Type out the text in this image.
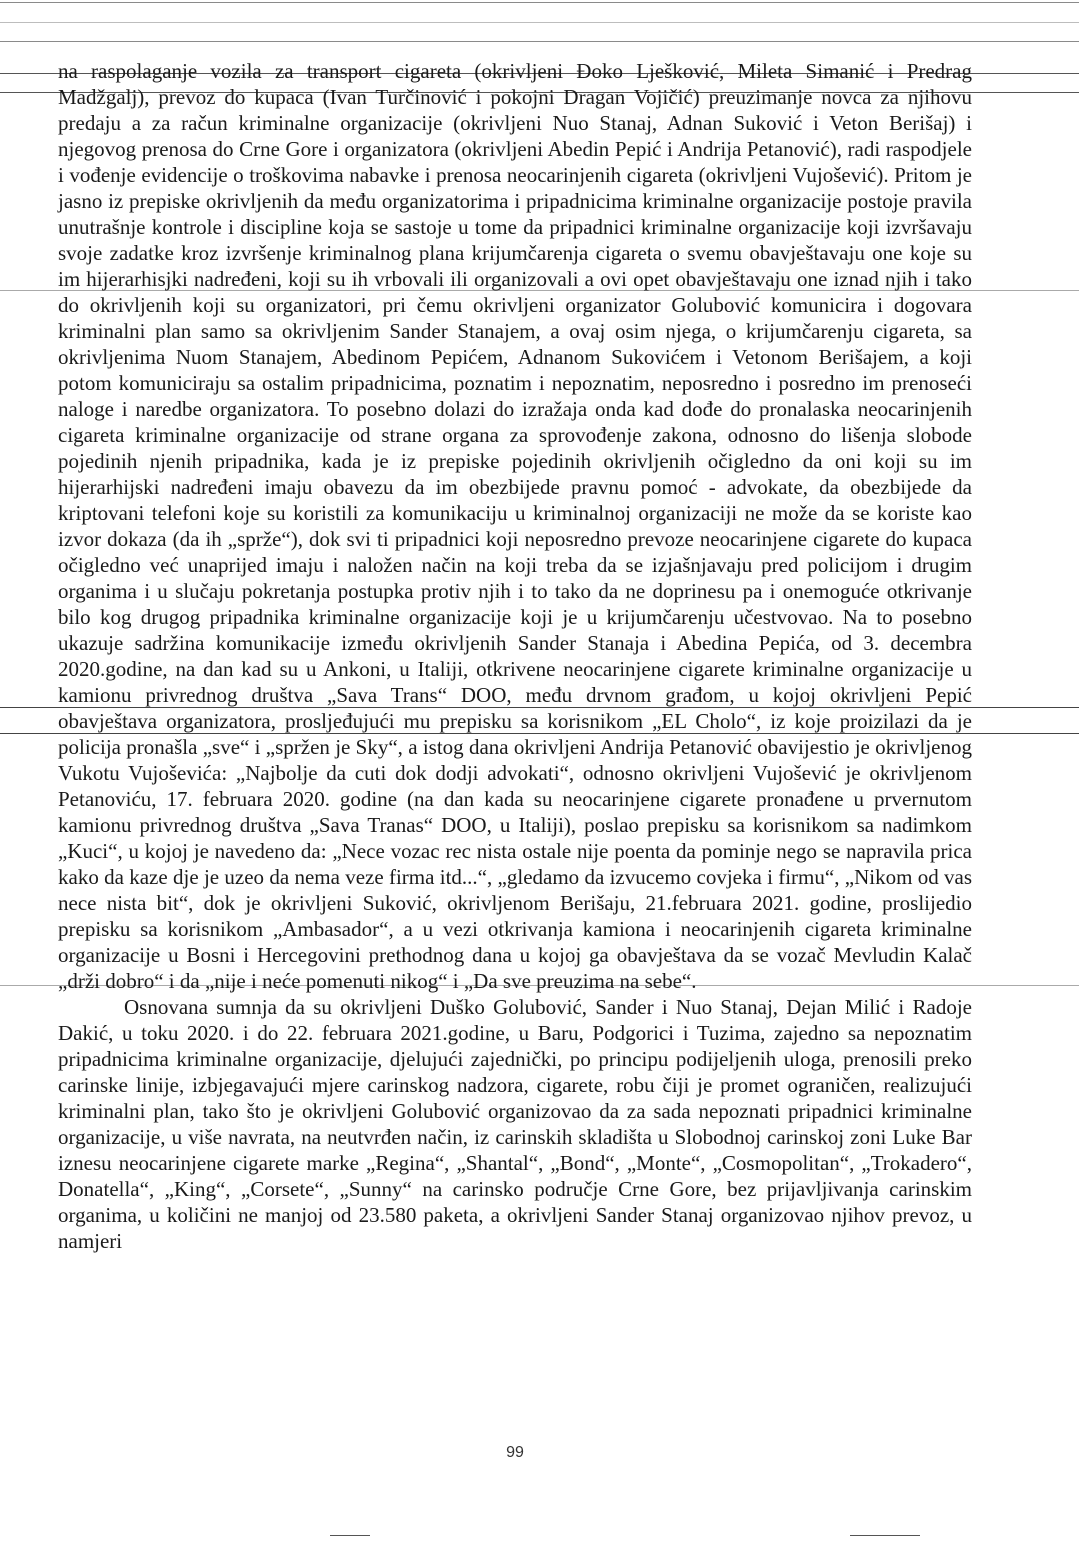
na raspolaganje vozila za transport cigareta (okrivljeni Đoko Lješković, Mileta Simanić i Predrag Madžgalj), prevoz do kupaca (Ivan Turčinović i pokojni Dragan Vojičić) preuzimanje novca za njihovu predaju a za račun kriminalne organizacije (okrivljeni Nuo Stanaj, Adnan Suković i Veton Berišaj) i njegovog prenosa do Crne Gore i organizatora (okrivljeni Abedin Pepić i Andrija Petanović), radi raspodjele i vođenje evidencije o troškovima nabavke i prenosa neocarinjenih cigareta (okrivljeni Vujošević). Pritom je jasno iz prepiske okrivljenih da među organizatorima i pripadnicima kriminalne organizacije postoje pravila unutrašnje kontrole i discipline koja se sastoje u tome da pripadnici kriminalne organizacije koji izvršavaju svoje zadatke kroz izvršenje kriminalnog plana krijumčarenja cigareta o svemu obavještavaju one koje su im hijerarhisjki nadređeni, koji su ih vrbovali ili organizovali a ovi opet obavještavaju one iznad njih i tako do okrivljenih koji su organizatori, pri čemu okrivljeni organizator Golubović komunicira i dogovara kriminalni plan samo sa okrivljenim Sander Stanajem, a ovaj osim njega, o krijumčarenju cigareta, sa okrivljenima Nuom Stanajem, Abedinom Pepićem, Adnanom Sukovićem i Vetonom Berišajem, a koji potom komuniciraju sa ostalim pripadnicima, poznatim i nepoznatim, neposredno i posredno im prenoseći naloge i naredbe organizatora. To posebno dolazi do izražaja onda kad dođe do pronalaska neocarinjenih cigareta kriminalne organizacije od strane organa za sprovođenje zakona, odnosno do lišenja slobode pojedinih njenih pripadnika, kada je iz prepiske pojedinih okrivljenih očigledno da oni koji su im hijerarhijski nadređeni imaju obavezu da im obezbijede pravnu pomoć - advokate, da obezbijede da kriptovani telefoni koje su koristili za komunikaciju u kriminalnoj organizaciji ne može da se koriste kao izvor dokaza (da ih „sprže“), dok svi ti pripadnici koji neposredno prevoze neocarinjene cigarete do kupaca očigledno već unaprijed imaju i naložen način na koji treba da se izjašnjavaju pred policijom i drugim organima i u slučaju pokretanja postupka protiv njih i to tako da ne doprinesu pa i onemoguće otkrivanje bilo kog drugog pripadnika kriminalne organizacije koji je u krijumčarenju učestvovao. Na to posebno ukazuje sadržina komunikacije između okrivljenih Sander Stanaja i Abedina Pepića, od 3. decembra 2020.godine, na dan kad su u Ankoni, u Italiji, otkrivene neocarinjene cigarete kriminalne organizacije u kamionu privrednog društva „Sava Trans“ DOO, među drvnom građom, u kojoj okrivljeni Pepić obavještava organizatora, prosljeđujući mu prepisku sa korisnikom „EL Cholo“, iz koje proizilazi da je policija pronašla „sve“ i „spržen je Sky“, a istog dana okrivljeni Andrija Petanović obavijestio je okrivljenog Vukotu Vujoševića: „Najbolje da cuti dok dodji advokati“, odnosno okrivljeni Vujošević je okrivljenom Petanoviću, 17. februara 2020. godine (na dan kada su neocarinjene cigarete pronađene u prvernutom kamionu privrednog društva „Sava Tranas“ DOO, u Italiji), poslao prepisku sa korisnikom sa nadimkom „Kuci“, u kojoj je navedeno da: „Nece vozac rec nista ostale nije poenta da pominje nego se napravila prica kako da kaze dje je uzeo da nema veze firma itd...“, „gledamo da izvucemo covjeka i firmu“, „Nikom od vas nece nista bit“, dok je okrivljeni Suković, okrivljenom Berišaju, 21.februara 2021. godine, proslijedio prepisku sa korisnikom „Ambasador“, a u vezi otkrivanja kamiona i neocarinjenih cigareta kriminalne organizacije u Bosni i Hercegovini prethodnog dana u kojoj ga obavještava da se vozač Mevludin Kalač „drži dobro“ i da „nije i neće pomenuti nikog“ i „Da sve preuzima na sebe“.

Osnovana sumnja da su okrivljeni Duško Golubović, Sander i Nuo Stanaj, Dejan Milić i Radoje Dakić, u toku 2020. i do 22. februara 2021.godine, u Baru, Podgorici i Tuzima, zajedno sa nepoznatim pripadnicima kriminalne organizacije, djelujući zajednički, po principu podijeljenih uloga, prenosili preko carinske linije, izbjegavajući mjere carinskog nadzora, cigarete, robu čiji je promet ograničen, realizujući kriminalni plan, tako što je okrivljeni Golubović organizovao da za sada nepoznati pripadnici kriminalne organizacije, u više navrata, na neutvrđen način, iz carinskih skladišta u Slobodnoj carinskoj zoni Luke Bar iznesu neocarinjene cigarete marke „Regina“, „Shantal“, „Bond“, „Monte“, „Cosmopolitan“, „Trokadero“, Donatella“, „King“, „Corsete“, „Sunny“ na carinsko područje Crne Gore, bez prijavljivanja carinskim organima, u količini ne manjoj od 23.580 paketa, a okrivljeni Sander Stanaj organizovao njihov prevoz, u namjeri

99
